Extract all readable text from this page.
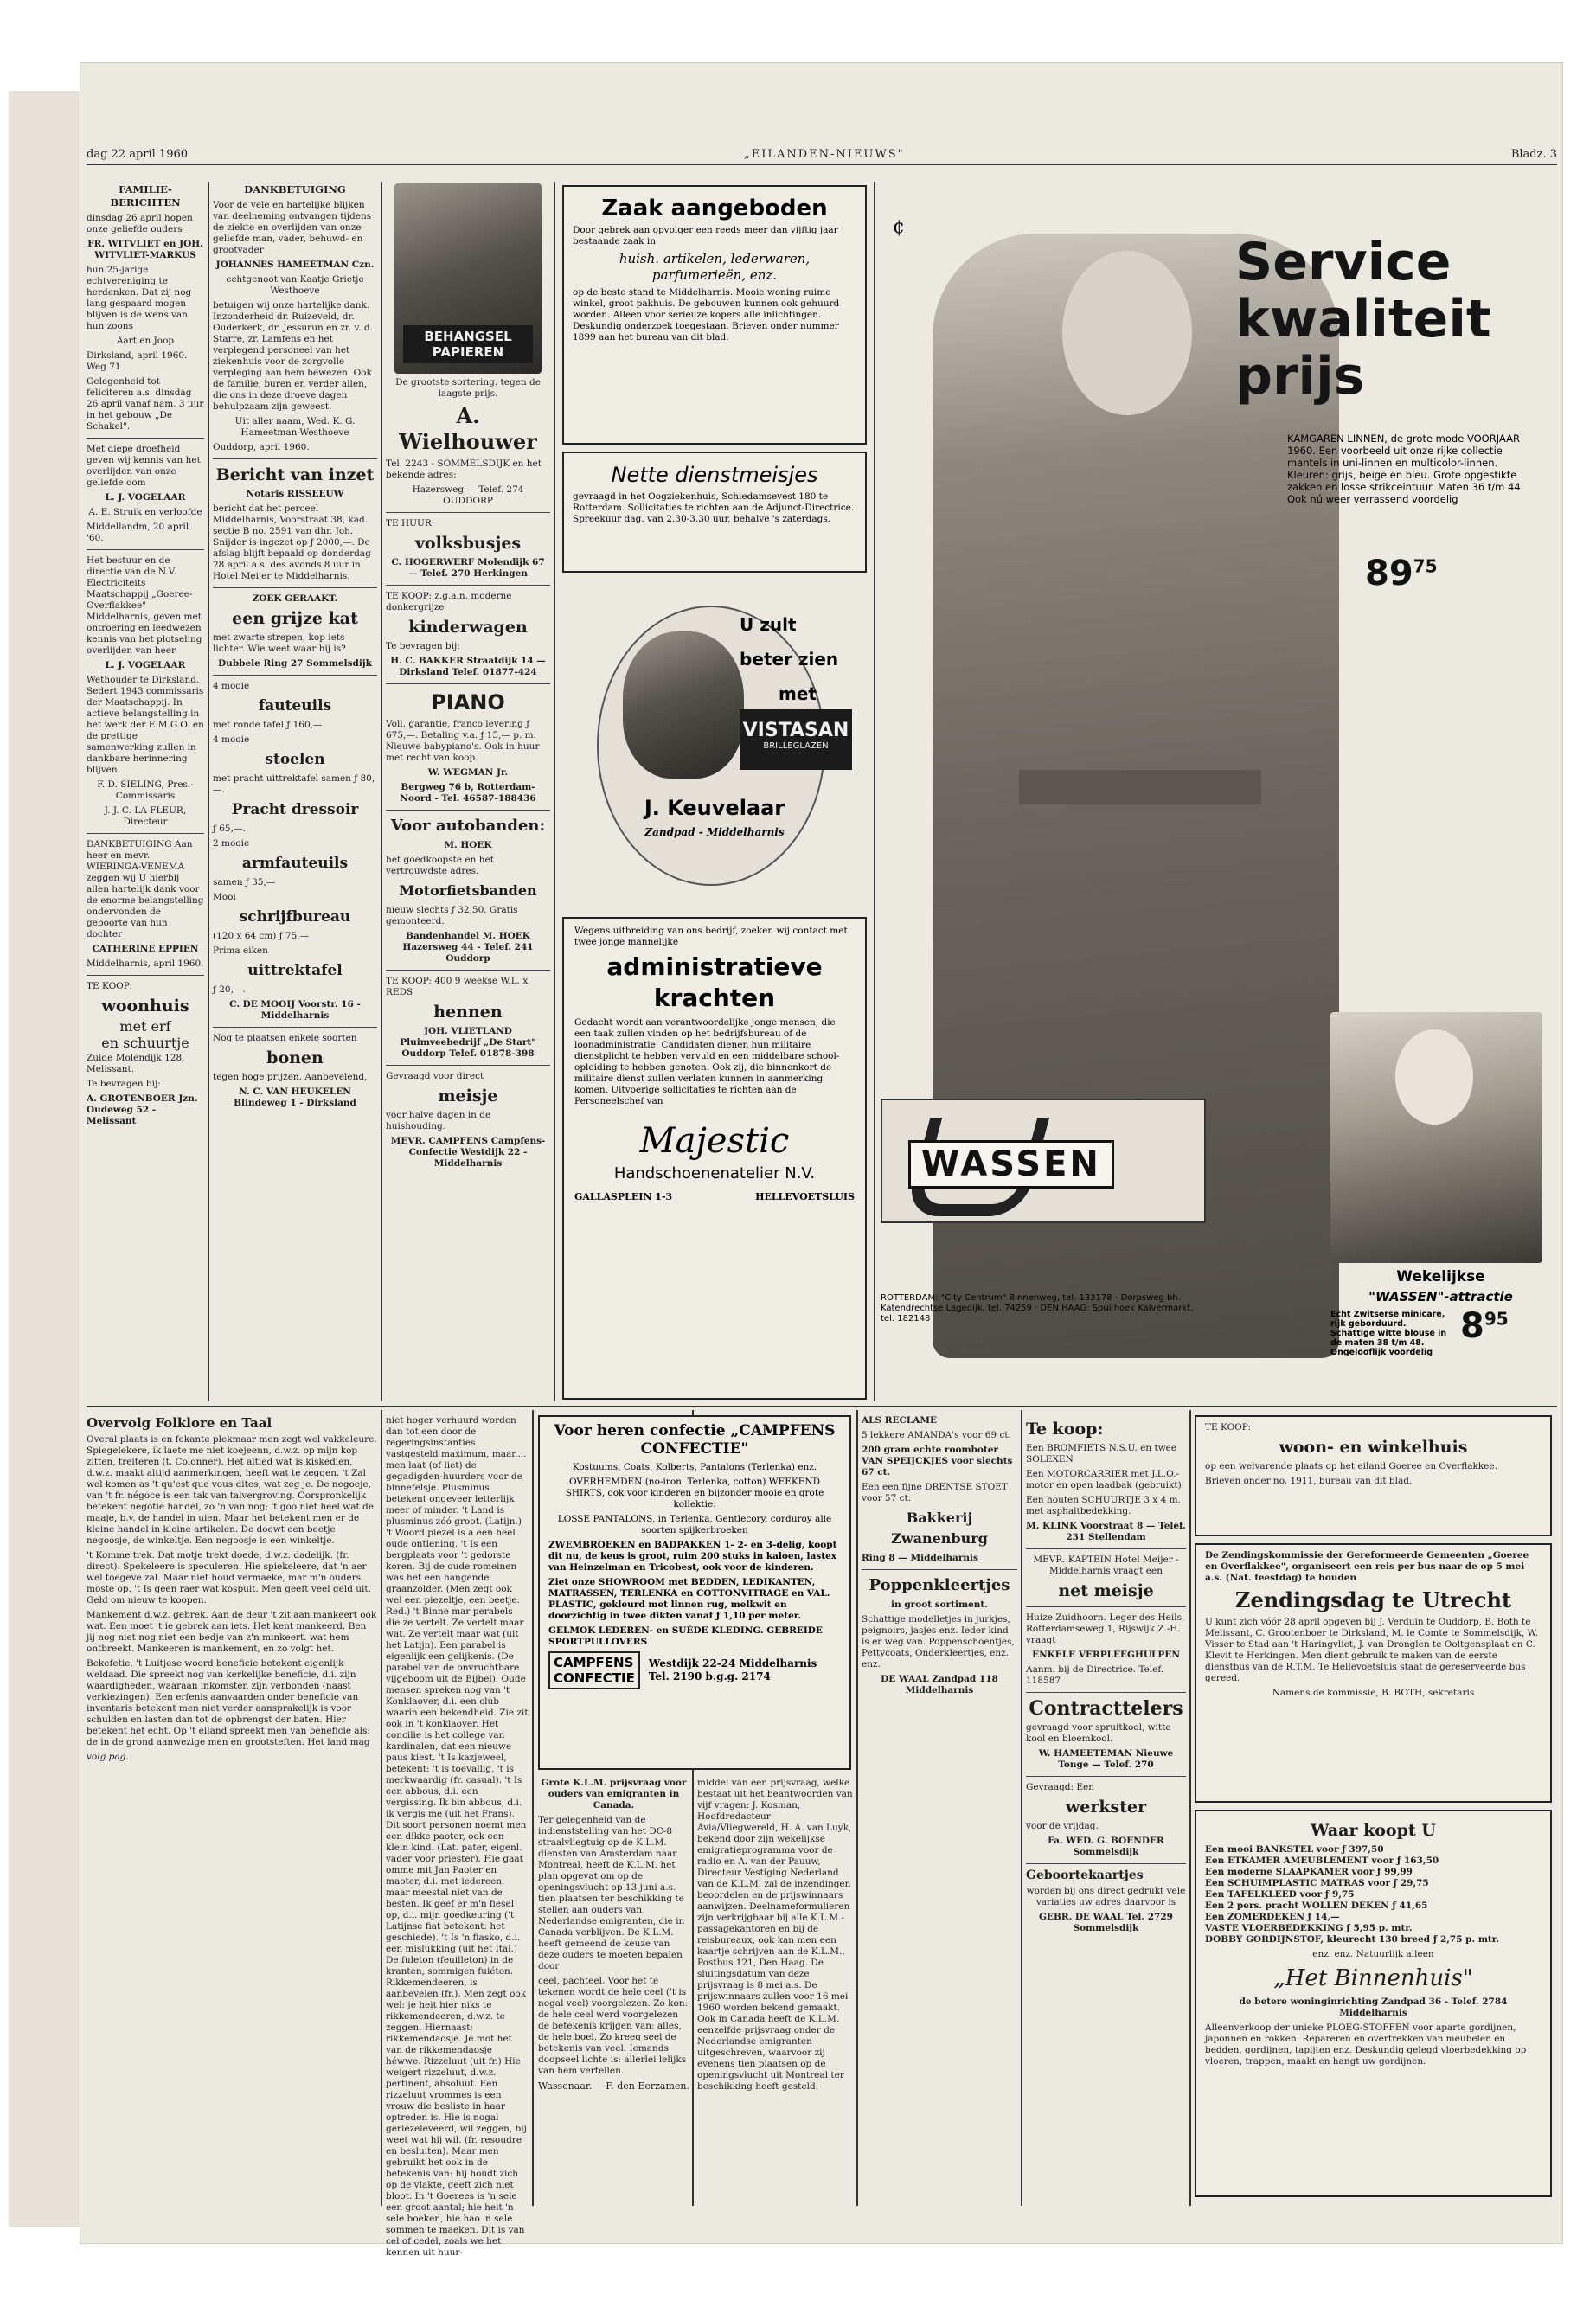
dag 22 april 1960	„EILANDEN-NIEUWS"	Bladz. 3

FAMILIE-BERICHTEN

dinsdag 26 april hopen onze geliefde ouders

FR. WITVLIET en JOH. WITVLIET-MARKUS

hun 25-jarige echtvereniging te herdenken. Dat zij nog lang gespaard mogen blijven is de wens van hun zoons

Aart en Joop

Dirksland, april 1960. Weg 71

Gelegenheid tot feliciteren a.s. dinsdag 26 april vanaf nam. 3 uur in het gebouw „De Schakel".

Met diepe droefheid geven wij kennis van het overlijden van onze geliefde oom

L. J. VOGELAAR

A. E. Struik en verloofde

Middellandm, 20 april '60.

Het bestuur en de directie van de N.V. Electriciteits Maatschappij „Goeree-Overflakkee" Middelharnis, geven met ontroering en leedwezen kennis van het plotseling overlijden van heer

L. J. VOGELAAR

Wethouder te Dirksland. Sedert 1943 commissaris der Maatschappij. In actieve belangstelling in het werk der E.M.G.O. en de prettige samenwerking zullen in dankbare herinnering blijven.

F. D. SIELING, Pres.-Commissaris

J. J. C. LA FLEUR, Directeur

DANKBETUIGING Aan heer en mevr. WIERINGA-VENEMA zeggen wij U hierbij allen hartelijk dank voor de enorme belangstelling ondervonden de geboorte van hun dochter

CATHERINE EPPIEN

Middelharnis, april 1960.

TE KOOP:

woonhuis

met erf

en schuurtje

Zuide Molendijk 128, Melissant.

Te bevragen bij:

A. GROTENBOER Jzn. Oudeweg 52 - Melissant

DANKBETUIGING

Voor de vele en hartelijke blijken van deelneming ontvangen tijdens de ziekte en overlijden van onze geliefde man, vader, behuwd- en grootvader

JOHANNES HAMEETMAN Czn.

echtgenoot van Kaatje Grietje Westhoeve

betuigen wij onze hartelijke dank. Inzonderheid dr. Ruizeveld, dr. Ouderkerk, dr. Jessurun en zr. v. d. Starre, zr. Lamfens en het verplegend personeel van het ziekenhuis voor de zorgvolle verpleging aan hem bewezen. Ook de familie, buren en verder allen, die ons in deze droeve dagen behulpzaam zijn geweest.

Uit aller naam, Wed. K. G. Hameetman-Westhoeve

Ouddorp, april 1960.

Bericht van inzet

Notaris RISSEEUW

bericht dat het perceel Middelharnis, Voorstraat 38, kad. sectie B no. 2591 van dhr. Joh. Snijder is ingezet op ƒ 2000,—. De afslag blijft bepaald op donderdag 28 april a.s. des avonds 8 uur in Hotel Meijer te Middelharnis.

ZOEK GERAAKT.

een grijze kat

met zwarte strepen, kop iets lichter. Wie weet waar hij is?

Dubbele Ring 27 Sommelsdijk

4 mooie

fauteuils

met ronde tafel ƒ 160,—

4 mooie

stoelen

met pracht uittrektafel samen ƒ 80,—.

Pracht dressoir

ƒ 65,—.

2 mooie

armfauteuils

samen ƒ 35,—

Mooi

schrijfbureau

(120 x 64 cm) ƒ 75,—

Prima eiken

uittrektafel

ƒ 20,—.

C. DE MOOIJ Voorstr. 16 - Middelharnis

Nog te plaatsen enkele soorten

bonen

tegen hoge prijzen. Aanbevelend,

N. C. VAN HEUKELEN Blindeweg 1 - Dirksland

BEHANGSEL PAPIEREN

De grootste sortering. tegen de laagste prijs.

A. Wielhouwer

Tel. 2243 - SOMMELSDIJK en het bekende adres:

Hazersweg — Telef. 274 OUDDORP

TE HUUR:

volksbusjes

C. HOGERWERF Molendijk 67 — Telef. 270 Herkingen

TE KOOP: z.g.a.n. moderne donkergrijze

kinderwagen

Te bevragen bij:

H. C. BAKKER Straatdijk 14 — Dirksland Telef. 01877-424

PIANO

Voll. garantie, franco levering ƒ 675,—. Betaling v.a. ƒ 15,— p. m. Nieuwe babypiano's. Ook in huur met recht van koop.

W. WEGMAN Jr.

Bergweg 76 b, Rotterdam-Noord - Tel. 46587-188436

Voor autobanden:

M. HOEK

het goedkoopste en het vertrouwdste adres.

Motorfietsbanden

nieuw slechts ƒ 32,50. Gratis gemonteerd.

Bandenhandel M. HOEK Hazersweg 44 - Telef. 241 Ouddorp

TE KOOP: 400 9 weekse W.L. x REDS

hennen

JOH. VLIETLAND Pluimveebedrijf „De Start" Ouddorp Telef. 01878-398

Gevraagd voor direct

meisje

voor halve dagen in de huishouding.

MEVR. CAMPFENS Campfens-Confectie Westdijk 22 - Middelharnis

Zaak aangeboden

Door gebrek aan opvolger een reeds meer dan vijftig jaar bestaande zaak in

huish. artikelen, lederwaren, parfumerieën, enz.

op de beste stand te Middelharnis. Mooie woning ruime winkel, groot pakhuis. De gebouwen kunnen ook gehuurd worden. Alleen voor serieuze kopers alle inlichtingen. Deskundig onderzoek toegestaan. Brieven onder nummer 1899 aan het bureau van dit blad.

Nette dienstmeisjes

gevraagd in het Oogziekenhuis, Schiedamsevest 180 te Rotterdam. Sollicitaties te richten aan de Adjunct-Directrice. Spreekuur dag. van 2.30-3.30 uur, behalve 's zaterdags.

U zult
beter zien
met
VISTASAN
BRILLEGLAZEN
J. Keuvelaar
Zandpad - Middelharnis

Wegens uitbreiding van ons bedrijf, zoeken wij contact met twee jonge mannelijke

administratieve krachten

Gedacht wordt aan verantwoordelijke jonge mensen, die een taak zullen vinden op het bedrijfsbureau of de loonadministratie. Candidaten dienen hun militaire dienstplicht te hebben vervuld en een middelbare school-opleiding te hebben genoten. Ook zij, die binnenkort de militaire dienst zullen verlaten kunnen in aanmerking komen. Uitvoerige sollicitaties te richten aan de Personeelschef van

Majestic

Handschoenenatelier N.V.

GALLASPLEIN 1-3	HELLEVOETSLUIS
¢
Service
kwaliteit
prijs
KAMGAREN LINNEN, de grote mode VOORJAAR 1960. Een voorbeeld uit onze rijke collectie mantels in uni-linnen en multicolor-linnen. Kleuren: grijs, beige en bleu. Grote opgestikte zakken en losse strikceintuur. Maten 36 t/m 44. Ook nú weer verrassend voordelig
$89^{75}$
WASSEN
ROTTERDAM: "City Centrum" Binnenweg, tel. 133178 - Dorpsweg bh. Katendrechtse Lagedijk, tel. 74259 · DEN HAAG: Spui hoek Kalvermarkt, tel. 182148
Wekelijkse
"WASSEN"-attractie
Echt Zwitserse minicare, rijk geborduurd. Schattige witte blouse in de maten 38 t/m 48. Ongelooflijk voordelig
$8^{95}$

Overvolg Folklore en Taal

Overal plaats is en fekante plekmaar men zegt wel vakkeleure. Spiegelekere, ik laete me niet koejeenn, d.w.z. op mijn kop zitten, treiteren (t. Colonner). Het altied wat is kiskedien, d.w.z. maakt altijd aanmerkingen, heeft wat te zeggen. 't Zal wel komen as 't qu'est que vous dites, wat zeg je. De negoeje, van 't fr. négoce is een tak van talvergroving. Oorspronkelijk betekent negotie handel, zo 'n van nog; 't goo niet heel wat de maaje, b.v. de handel in uien. Maar het betekent men er de kleine handel in kleine artikelen. De doewt een beetje negoosje, de winkeltje. Een negoosje is een winkeltje.

't Komme trek. Dat motje trekt doede, d.w.z. dadelijk. (fr. direct). Spekeleere is speculeren. Hie spiekeleere, dat 'n aer wel toegeve zal. Maar niet houd vermaeke, mar m'n ouders moste op. 't Is geen raer wat kospuit. Men geeft veel geld uit. Geld om nieuw te koopen.

Mankement d.w.z. gebrek. Aan de deur 't zit aan mankeert ook wat. Een moet 't ie gebrek aan iets. Het kent mankeerd. Ben jij nog niet nog niet een bedje van z'n minkeert. wat hem ontbreekt. Mankeeren is mankement, en zo volgt het.

Bekefetie, 't Luitjese woord beneficie betekent eigenlijk weldaad. Die spreekt nog van kerkelijke beneficie, d.i. zijn waardigheden, waaraan inkomsten zijn verbonden (naast verkiezingen). Een erfenis aanvaarden onder beneficie van inventaris betekent men niet verder aansprakelijk is voor schulden en lasten dan tot de opbrengst der baten. Hier betekent het echt. Op 't eiland spreekt men van beneficie als: de in de grond aanwezige men en grootsteften. Het land mag

volg pag.

niet hoger verhuurd worden dan tot een door de regeringsinstanties vastgesteld maximum, maar.... men laat (of liet) de gegadigden-huurders voor de binnefelsje. Plusminus betekent ongeveer letterlijk meer of minder. 't Land is plusminus zóó groot. (Latijn.) 't Woord piezel is a een heel oude ontlening. 't Is een bergplaats voor 't gedorste koren. Bij de oude romeinen was het een hangende graanzolder. (Men zegt ook wel een piezeltje, een beetje. Red.) 't Binne mar perabels die ze vertelt. Ze vertelt maar wat. Ze vertelt maar wat (uit het Latijn). Een parabel is eigenlijk een gelijkenis. (De parabel van de onvruchtbare vijgeboom uit de Bijbel). Oude mensen spreken nog van 't Konklaover, d.i. een club waarin een bekendheid. Zie zit ook in 't konklaover. Het concilie is het college van kardinalen, dat een nieuwe paus kiest. 't Is kazjeweel, betekent: 't is toevallig, 't is merkwaardig (fr. casual). 't Is een abbous, d.i. een vergissing. Ik bin abbous, d.i. ik vergis me (uit het Frans). Dit soort personen noemt men een dikke paoter, ook een klein kind. (Lat. pater, eigenl. vader voor priester). Hie gaat omme mit Jan Paoter en maoter, d.i. met iedereen, maar meestal niet van de besten. Ik geef er m'n fiesel op, d.i. mijn goedkeuring ('t Latijnse fiat betekent: het geschiede). 't Is 'n fiasko, d.i. een mislukking (uit het Ital.) De fuleton (feuilleton) in de kranten, sommigen fuiéton. Rikkemendeeren, is aanbevelen (fr.). Men zegt ook wel: je heit hier niks te rikkemendeeren, d.w.z. te zeggen. Hiernaast: rikkemendaosje. Je mot het van de rikkemendaosje héwwe. Rizzeluut (uit fr.) Hie weigert rizzeluut, d.w.z. pertinent, absoluut. Een rizzeluut vrommes is een vrouw die besliste in haar optreden is. Hie is nogal geriezeleveerd, wil zeggen, bij weet wat hij wil. (fr. resoudre en besluiten). Maar men gebruikt het ook in de betekenis van: hij houdt zich op de vlakte, geeft zich niet bloot. In 't Goerees is 'n sele een groot aantal; hie heit 'n sele boeken, hie hao 'n sele sommen te maeken. Dit is van cel of cedel, zoals we het kennen uit huur-

Voor heren confectie „CAMPFENS CONFECTIE"

Kostuums, Coats, Kolberts, Pantalons (Terlenka) enz.

OVERHEMDEN (no-iron, Terlenka, cotton) WEEKEND SHIRTS, ook voor kinderen en bijzonder mooie en grote kollektie.

LOSSE PANTALONS, in Terlenka, Gentlecory, corduroy alle soorten spijkerbroeken

ZWEMBROEKEN en BADPAKKEN 1- 2- en 3-delig, koopt dit nu, de keus is groot, ruim 200 stuks in kaloen, lastex van Heinzelman en Tricobest, ook voor de kinderen.

Ziet onze SHOWROOM met BEDDEN, LEDIKANTEN, MATRASSEN, TERLENKA en COTTONVITRAGE en VAL. PLASTIC, gekleurd met linnen rug, melkwit en doorzichtig in twee dikten vanaf ƒ 1,10 per meter.

GELMOK LEDEREN- en SUÈDE KLEDING. GEBREIDE SPORTPULLOVERS

CAMPFENS CONFECTIE
Westdijk 22-24 Middelharnis Tel. 2190 b.g.g. 2174

Grote K.L.M. prijsvraag voor ouders van emigranten in Canada.

Ter gelegenheid van de indienststelling van het DC-8 straalvliegtuig op de K.L.M. diensten van Amsterdam naar Montreal, heeft de K.L.M. het plan opgevat om op de openingsvlucht op 13 juni a.s. tien plaatsen ter beschikking te stellen aan ouders van Nederlandse emigranten, die in Canada verblijven. De K.L.M. heeft gemeend de keuze van deze ouders te moeten bepalen door

ceel, pachteel. Voor het te tekenen wordt de hele ceel ('t is nogal veel) voorgelezen. Zo kon: de hele ceel werd voorgelezen de betekenis krijgen van: alles, de hele boel. Zo kreeg seel de betekenis van veel. Iemands doopseel lichte is: allerlei lelijks van hem vertellen.

Wassenaar. F. den Eerzamen.

middel van een prijsvraag, welke bestaat uit het beantwoorden van vijf vragen: J. Kosman, Hoofdredacteur Avia/Vliegwereld, H. A. van Luyk, bekend door zijn wekelijkse emigratieprogramma voor de radio en A. van der Pauuw, Directeur Vestiging Nederland van de K.L.M. zal de inzendingen beoordelen en de prijswinnaars aanwijzen. Deelnameformulieren zijn verkrijgbaar bij alle K.L.M.-passagekantoren en bij de reisbureaux, ook kan men een kaartje schrijven aan de K.L.M., Postbus 121, Den Haag. De sluitingsdatum van deze prijsvraag is 8 mei a.s. De prijswinnaars zullen voor 16 mei 1960 worden bekend gemaakt. Ook in Canada heeft de K.L.M. eenzelfde prijsvraag onder de Nederlandse emigranten uitgeschreven, waarvoor zij evenens tien plaatsen op de openingsvlucht uit Montreal ter beschikking heeft gesteld.

ALS RECLAME

5 lekkere AMANDA's voor 69 ct.

200 gram echte roomboter VAN SPEIJCKJES voor slechts 67 ct.

Een een fijne DRENTSE STOET voor 57 ct.

Bakkerij Zwanenburg

Ring 8 — Middelharnis

Poppenkleertjes

in groot sortiment.

Schattige modelletjes in jurkjes, peignoirs, jasjes enz. Ieder kind is er weg van. Poppenschoentjes, Pettycoats, Onderkleertjes, enz. enz.

DE WAAL Zandpad 118 Middelharnis

Te koop:

Een BROMFIETS N.S.U. en twee SOLEXEN

Een MOTORCARRIER met J.L.O.-motor en open laadbak (gebruikt).

Een houten SCHUURTJE 3 x 4 m. met asphaltbedekking.

M. KLINK Voorstraat 8 — Telef. 231 Stellendam

MEVR. KAPTEIN Hotel Meijer - Middelharnis vraagt een

net meisje

Huize Zuidhoorn. Leger des Heils, Rotterdamseweg 1, Rijswijk Z.-H. vraagt

ENKELE VERPLEEGHULPEN

Aanm. bij de Directrice. Telef. 118587

Contracttelers

gevraagd voor spruitkool, witte kool en bloemkool.

W. HAMEETEMAN Nieuwe Tonge — Telef. 270

Gevraagd: Een

werkster

voor de vrijdag.

Fa. WED. G. BOENDER Sommelsdijk

Geboortekaartjes

worden bij ons direct gedrukt vele variaties uw adres daarvoor is

GEBR. DE WAAL Tel. 2729 Sommelsdijk

TE KOOP:

woon- en winkelhuis

op een welvarende plaats op het eiland Goeree en Overflakkee.

Brieven onder no. 1911, bureau van dit blad.

De Zendingskommissie der Gereformeerde Gemeenten „Goeree en Overflakkee", organiseert een reis per bus naar de op 5 mei a.s. (Nat. feestdag) te houden

Zendingsdag te Utrecht

U kunt zich vóór 28 april opgeven bij J. Verduin te Ouddorp, B. Both te Melissant, C. Grootenboer te Dirksland, M. le Comte te Sommelsdijk, W. Visser te Stad aan 't Haringvliet, J. van Dronglen te Ooltgensplaat en C. Klevit te Herkingen. Men dient gebruik te maken van de eerste dienstbus van de R.T.M. Te Hellevoetsluis staat de gereserveerde bus gereed.

Namens de kommissie, B. BOTH, sekretaris

Waar koopt U

Een mooi BANKSTEL voor ƒ 397,50

Een ETKAMER AMEUBLEMENT voor ƒ 163,50

Een moderne SLAAPKAMER voor ƒ 99,99

Een SCHUIMPLASTIC MATRAS voor ƒ 29,75

Een TAFELKLEED voor ƒ 9,75

Een 2 pers. pracht WOLLEN DEKEN ƒ 41,65

Een ZOMERDEKEN ƒ 14,—

VASTE VLOERBEDEKKING ƒ 5,95 p. mtr.

DOBBY GORDIJNSTOF, kleurecht 130 breed ƒ 2,75 p. mtr.

enz. enz. Natuurlijk alleen

„Het Binnenhuis"

de betere woninginrichting Zandpad 36 - Telef. 2784 Middelharnis

Alleenverkoop der unieke PLOEG-STOFFEN voor aparte gordijnen, japonnen en rokken. Repareren en overtrekken van meubelen en bedden, gordijnen, tapijten enz. Deskundig gelegd vloerbedekking op vloeren, trappen, maakt en hangt uw gordijnen.
